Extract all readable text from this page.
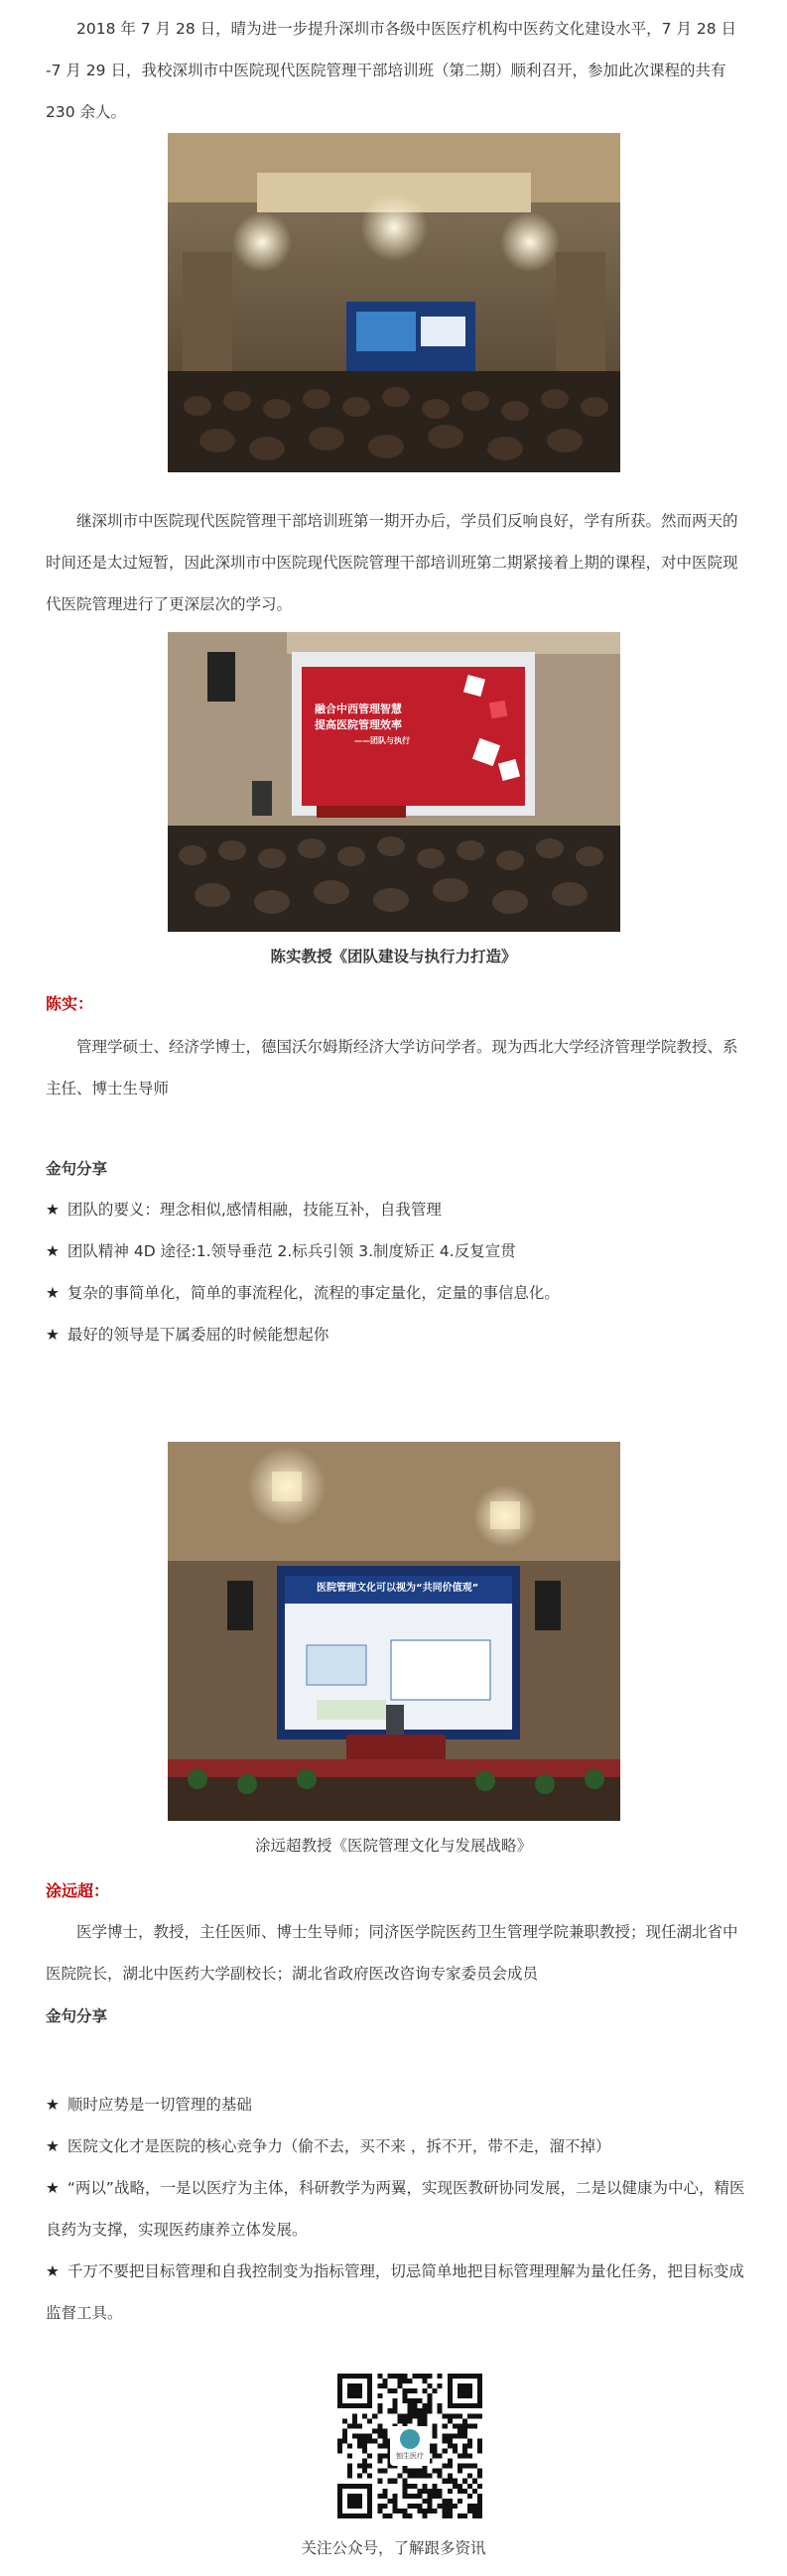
2018 年 7 月 28 日，晴为进一步提升深圳市各级中医医疗机构中医药文化建设水平，7 月 28 日 -7 月 29 日，我校深圳市中医院现代医院管理干部培训班（第二期）顺利召开，参加此次课程的共有 230 余人。

继深圳市中医院现代医院管理干部培训班第一期开办后，学员们反响良好，学有所获。然而两天的时间还是太过短暂，因此深圳市中医院现代医院管理干部培训班第二期紧接着上期的课程，对中医院现代医院管理进行了更深层次的学习。

融合中西管理智慧
提高医院管理效率
——团队与执行

陈实教授《团队建设与执行力打造》

陈实：

管理学硕士、经济学博士，德国沃尔姆斯经济大学访问学者。现为西北大学经济管理学院教授、系主任、博士生导师

金句分享

★ 团队的要义：理念相似,感情相融，技能互补，自我管理

★ 团队精神 4D 途径:1.领导垂范 2.标兵引领 3.制度矫正 4.反复宣贯

★ 复杂的事简单化，简单的事流程化，流程的事定量化，定量的事信息化。

★ 最好的领导是下属委屈的时候能想起你

医院管理文化可以视为“共同价值观”

涂远超教授《医院管理文化与发展战略》

涂远超：

医学博士，教授，主任医师、博士生导师；同济医学院医药卫生管理学院兼职教授；现任湖北省中医院院长，湖北中医药大学副校长；湖北省政府医改咨询专家委员会成员

金句分享

★ 顺时应势是一切管理的基础

★ 医院文化才是医院的核心竞争力（偷不去，买不来 ，拆不开，带不走，溜不掉）

★ “两以”战略，一是以医疗为主体，科研教学为两翼，实现医教研协同发展，二是以健康为中心，精医良药为支撑，实现医药康养立体发展。

★ 千万不要把目标管理和自我控制变为指标管理，切忌简单地把目标管理理解为量化任务，把目标变成监督工具。

刨生医疗

关注公众号，了解跟多资讯
